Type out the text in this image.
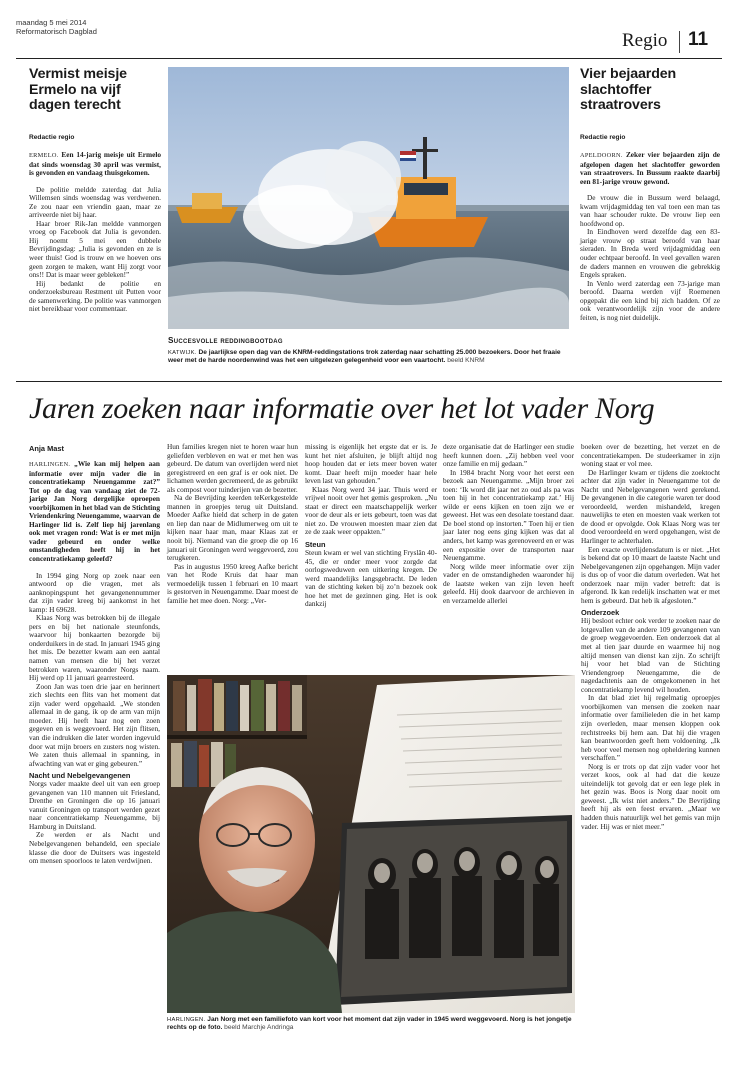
maandag 5 mei 2014
Reformatorisch Dagblad	Regio 11
Vermist meisje Ermelo na vijf dagen terecht
Redactie regio

ERMELO. Een 14-jarig meisje uit Ermelo dat sinds woensdag 30 april was vermist, is gevonden en vandaag thuisgekomen.

De politie meldde zaterdag dat Julia Willemsen sinds woensdag was verdwenen. Ze zou naar een vriendin gaan, maar ze arriveerde niet bij haar.

Haar broer Rik-Jan meldde vanmorgen vroeg op Facebook dat Julia is gevonden. Hij noemt 5 mei een dubbele Bevrijdingsdag: „Julia is gevonden en ze is weer thuis! God is trouw en we hoeven ons geen zorgen te maken, want Hij zorgt voor ons!! Dat is maar weer gebleken!”

Hij bedankt de politie en onderzoeksbureau Restment uit Putten voor de samenwerking. De politie was vanmorgen niet bereikbaar voor commentaar.

Succesvolle reddingbootdag
KATWIJK. De jaarlijkse open dag van de KNRM-reddingstations trok zaterdag naar schatting 25.000 bezoekers. Door het fraaie weer met de harde noordenwind was het een uitgelezen gelegenheid voor een vaartocht. beeld KNRM
Vier bejaarden slachtoffer straatrovers
Redactie regio

APELDOORN. Zeker vier bejaarden zijn de afgelopen dagen het slachtoffer geworden van straatrovers. In Bussum raakte daarbij een 81-jarige vrouw gewond.

De vrouw die in Bussum werd belaagd, kwam vrijdagmiddag ten val toen een man tas van haar schouder rukte. De vrouw liep een hoofdwond op.

In Eindhoven werd dezelfde dag een 83-jarige vrouw op straat beroofd van haar sieraden. In Breda werd vrijdagmiddag een ouder echtpaar beroofd. In veel gevallen waren de daders mannen en vrouwen die gebrekkig Engels spraken.

In Venlo werd zaterdag een 73-jarige man beroofd. Daarna werden vijf Roemenen opgepakt die een kind bij zich hadden. Of ze ook verantwoordelijk zijn voor de andere feiten, is nog niet duidelijk.

Jaren zoeken naar informatie over het lot vader Norg
Anja Mast

HARLINGEN. „Wie kan mij helpen aan informatie over mijn vader die in concentratiekamp Neuengamme zat?” Tot op de dag van vandaag ziet de 72-jarige Jan Norg dergelijke oproepen voorbijkomen in het blad van de Stichting Vriendenkring Neuengamme, waarvan de Harlinger lid is. Zelf liep hij jarenlang ook met vragen rond: Wat is er met mijn vader gebeurd en onder welke omstandigheden heeft hij in het concentratiekamp geleefd?

In 1994 ging Norg op zoek naar een antwoord op die vragen, met als aanknopingspunt het gevangenennummer dat zijn vader kreeg bij aankomst in het kamp: H 69628.

Klaas Norg was betrokken bij de illegale pers en bij het nationale steunfonds, waarvoor hij bonkaarten bezorgde bij onderduikers in de stad. In januari 1945 ging het mis. De bezetter kwam aan een aantal namen van mensen die bij het verzet betrokken waren, waaronder Norgs naam. Hij werd op 11 januari gearresteerd.

Zoon Jan was toen drie jaar en herinnert zich slechts een flits van het moment dat zijn vader werd opgehaald. „We stonden allemaal in de gang, ik op de arm van mijn moeder. Hij heeft haar nog een zoen gegeven en is weggevoerd. Het zijn flitsen, van die indrukken die later worden ingevuld door wat mijn broers en zusters nog wisten. We zaten thuis allemaal in spanning, in afwachting van wat er ging gebeuren.”

Nacht und Nebelgevangenen

Norgs vader maakte deel uit van een groep gevangenen van 110 mannen uit Friesland, Drenthe en Groningen die op 16 januari vanuit Groningen op transport werden gezet naar concentratiekamp Neuengamme, bij Hamburg in Duitsland.

Ze werden er als Nacht und Nebelgevangenen behandeld, een speciale klasse die door de Duitsers was ingesteld om mensen spoorloos te laten verdwijnen.

Hun families kregen niet te horen waar hun geliefden verbleven en wat er met hen was gebeurd. De datum van overlijden werd niet geregistreerd en een graf is er ook niet. De lichamen werden gecremeerd, de as gebruikt als compost voor tuinderijen van de bezetter.

Na de Bevrijding keerden teKerkgestelde mannen in groepjes terug uit Duitsland. Moeder Aafke hield dat scherp in de gaten en liep dan naar de Midlumerweg om uit te kijken naar haar man, maar Klaas zat er nooit bij. Niemand van die groep die op 16 januari uit Groningen werd weggevoerd, zou terugkeren.

Pas in augustus 1950 kreeg Aafke bericht van het Rode Kruis dat haar man vermoedelijk tussen 1 februari en 10 maart is gestorven in Neuengamme. Daar moest de familie het mee doen. Norg: „Ver-

missing is eigenlijk het ergste dat er is. Je kunt het niet afsluiten, je blijft altijd nog hoop houden dat er iets meer boven water komt. Daar heeft mijn moeder haar hele leven last van gehouden.”

Klaas Norg werd 34 jaar. Thuis werd er vrijwel nooit over het gemis gesproken. „Nu staat er direct een maatschappelijk werker voor de deur als er iets gebeurt, toen was dat niet zo. De vrouwen moesten maar zien dat ze de zaak weer oppakten.”

Steun

Steun kwam er wel van stichting Fryslân 40-45, die er onder meer voor zorgde dat oorlogsweduwen een uitkering kregen. De werd maandelijks langsgebracht. De leden van de stichting keken bij zo’n bezoek ook hoe het met de gezinnen ging. Het is ook dankzij

deze organisatie dat de Harlinger een studie heeft kunnen doen. „Zij hebben veel voor onze familie en mij gedaan.”

In 1984 bracht Norg voor het eerst een bezoek aan Neuengamme. „Mijn broer zei toen: ‘Ik word dit jaar net zo oud als pa was toen hij in het concentratiekamp zat.’ Hij wilde er eens kijken en toen zijn we er geweest. Het was een desolate toestand daar. De boel stond op instorten.” Toen hij er tien jaar later nog eens ging kijken was dat al anders, het kamp was gerenoveerd en er was een expositie over de transporten naar Neuengamme.

Norg wilde meer informatie over zijn vader en de omstandigheden waaronder hij de laatste weken van zijn leven heeft geleefd. Hij dook daarvoor de archieven in en verzamelde allerlei

boeken over de bezetting, het verzet en de concentratiekampen. De studeerkamer in zijn woning staat er vol mee.

De Harlinger kwam er tijdens die zoektocht achter dat zijn vader in Neuengamme tot de Nacht und Nebelgevangenen werd gerekend. De gevangenen in die categorie waren ter dood veroordeeld, werden mishandeld, kregen nauwelijks te eten en moesten vaak werken tot de dood er opvolgde. Ook Klaas Norg was ter dood veroordeeld en werd opgehangen, wist de Harlinger te achterhalen.

Een exacte overlijdensdatum is er niet. „Het is bekend dat op 10 maart de laatste Nacht und Nebelgevangenen zijn opgehangen. Mijn vader is dus op of voor die datum overleden. Wat het onderzoek naar mijn vader betreft: dat is afgerond. Ik kan redelijk inschatten wat er met hem is gebeurd. Dat heb ik afgesloten.”

Onderzoek

Hij besloot echter ook verder te zoeken naar de lotgevallen van de andere 109 gevangenen van de groep weggevoerden. Een onderzoek dat al met al tien jaar duurde en waarmee hij nog altijd mensen van dienst kan zijn. Zo schrijft hij voor het blad van de Stichting Vriendengroep Neuengamme, die de nagedachtenis aan de omgekomenen in het concentratiekamp levend wil houden.

In dat blad ziet hij regelmatig oproepjes voorbijkomen van mensen die zoeken naar informatie over familieleden die in het kamp zijn overleden, maar mensen kloppen ook rechtstreeks bij hem aan. Dat hij die vragen kan beantwoorden geeft hem voldoening. „Ik heb voor veel mensen nog opheldering kunnen verschaffen.”

Norg is er trots op dat zijn vader voor het verzet koos, ook al had dat die keuze uiteindelijk tot gevolg dat er een lege plek in het gezin was. Boos is Norg daar nooit om geweest. „Ik wist niet anders.” De Bevrijding heeft hij als een feest ervaren. „Maar we hadden thuis natuurlijk wel het gemis van mijn vader. Hij was er niet meer.”

HARLINGEN. Jan Norg met een familiefoto van kort voor het moment dat zijn vader in 1945 werd weggevoerd. Norg is het jongetje rechts op de foto. beeld Marchje Andringa
